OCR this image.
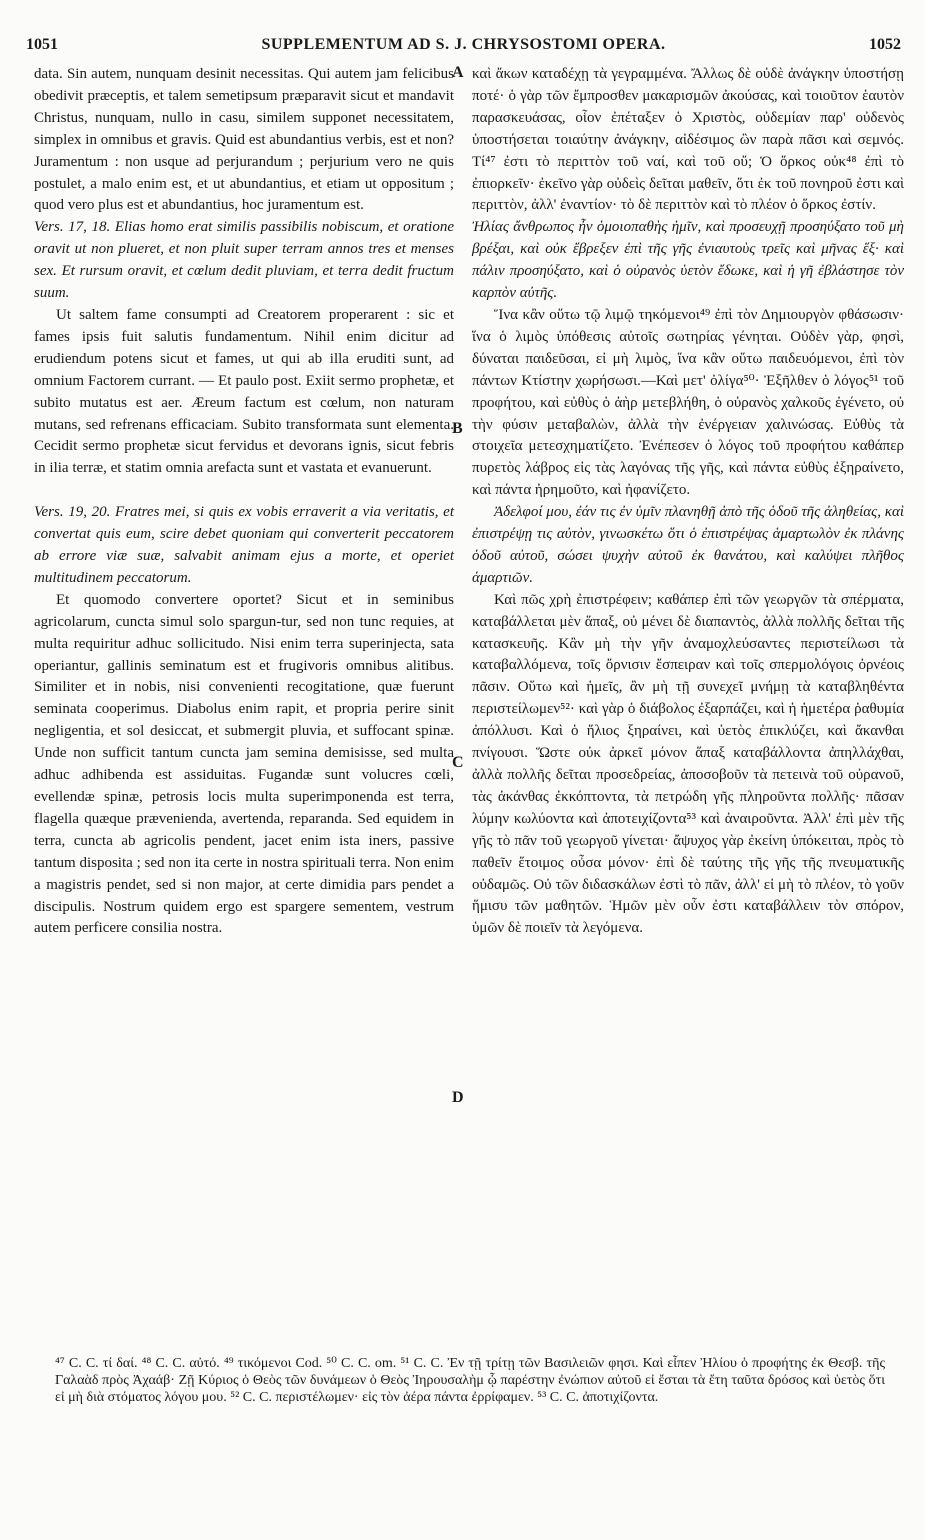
1051	SUPPLEMENTUM AD S. J. CHRYSOSTOMI OPERA.	1052

data. Sin autem, nunquam desinit necessitas. Qui autem jam felicibus obedivit præceptis, et talem semetipsum præparavit sicut et mandavit Christus, nunquam, nullo in casu, similem supponet necessitatem, simplex in omnibus et gravis. Quid est abundantius verbis, est et non? Juramentum : non usque ad perjurandum ; perjurium vero ne quis postulet, a malo enim est, et ut abundantius, et etiam ut oppositum ; quod vero plus est et abundantius, hoc juramentum est.

Vers. 17, 18. Elias homo erat similis passibilis nobiscum, et oratione oravit ut non plueret, et non pluit super terram annos tres et menses sex. Et rursum oravit, et cœlum dedit pluviam, et terra dedit fructum suum.

Ut saltem fame consumpti ad Creatorem properarent : sic et fames ipsis fuit salutis fundamentum. Nihil enim dicitur ad erudiendum potens sicut et fames, ut qui ab illa eruditi sunt, ad omnium Factorem currant. — Et paulo post. Exiit sermo prophetæ, et subito mutatus est aer. Æreum factum est cœlum, non naturam mutans, sed refrenans efficaciam. Subito transformata sunt elementa. Cecidit sermo prophetæ sicut fervidus et devorans ignis, sicut febris in ilia terræ, et statim omnia arefacta sunt et vastata et evanuerunt.

Vers. 19, 20. Fratres mei, si quis ex vobis erraverit a via veritatis, et convertat quis eum, scire debet quoniam qui converterit peccatorem ab errore viæ suæ, salvabit animam ejus a morte, et operiet multitudinem peccatorum.

Et quomodo convertere oportet? Sicut et in seminibus agricolarum, cuncta simul solo spargun-tur, sed non tunc requies, at multa requiritur adhuc sollicitudo. Nisi enim terra superinjecta, sata operiantur, gallinis seminatum est et frugivoris omnibus alitibus. Similiter et in nobis, nisi convenienti recogitatione, quæ fuerunt seminata cooperimus. Diabolus enim rapit, et propria perire sinit negligentia, et sol desiccat, et submergit pluvia, et suffocant spinæ. Unde non sufficit tantum cuncta jam semina demisisse, sed multa adhuc adhibenda est assiduitas. Fugandæ sunt volucres cœli, evellendæ spinæ, petrosis locis multa superimponenda est terra, flagella quæque prævenienda, avertenda, reparanda. Sed equidem in terra, cuncta ab agricolis pendent, jacet enim ista iners, passive tantum disposita ; sed non ita certe in nostra spirituali terra. Non enim a magistris pendet, sed si non major, at certe dimidia pars pendet a discipulis. Nostrum quidem ergo est spargere sementem, vestrum autem perficere consilia nostra.

A
B
C
D

καὶ ἄκων καταδέχῃ τὰ γεγραμμένα. Ἄλλως δὲ οὐδὲ ἀνάγκην ὑποστήσῃ ποτέ· ὁ γὰρ τῶν ἔμπροσθεν μακαρισμῶν ἀκούσας, καὶ τοιοῦτον ἑαυτὸν παρασκευάσας, οἷον ἐπέταξεν ὁ Χριστὸς, οὐδεμίαν παρ' οὐδενὸς ὑποστήσεται τοιαύτην ἀνάγκην, αἰδέσιμος ὢν παρὰ πᾶσι καὶ σεμνός. Τί⁴⁷ ἐστι τὸ περιττὸν τοῦ ναί, καὶ τοῦ οὔ; Ὁ ὅρκος οὐκ⁴⁸ ἐπὶ τὸ ἐπιορκεῖν· ἐκεῖνο γὰρ οὐδεὶς δεῖται μαθεῖν, ὅτι ἐκ τοῦ πονηροῦ ἐστι καὶ περιττὸν, ἀλλ' ἐναντίον· τὸ δὲ περιττὸν καὶ τὸ πλέον ὁ ὅρκος ἐστίν.

Ἠλίας ἄνθρωπος ἦν ὁμοιοπαθὴς ἡμῖν, καὶ προσευχῇ προσηύξατο τοῦ μὴ βρέξαι, καὶ οὐκ ἔβρεξεν ἐπὶ τῆς γῆς ἐνιαυτοὺς τρεῖς καὶ μῆνας ἕξ· καὶ πάλιν προσηύξατο, καὶ ὁ οὐρανὸς ὑετὸν ἔδωκε, καὶ ἡ γῆ ἐβλάστησε τὸν καρπὸν αὐτῆς.

Ἵνα κἂν οὕτω τῷ λιμῷ τηκόμενοι⁴⁹ ἐπὶ τὸν Δημιουργὸν φθάσωσιν· ἵνα ὁ λιμὸς ὑπόθεσις αὐτοῖς σωτηρίας γένηται. Οὐδὲν γὰρ, φησὶ, δύναται παιδεῦσαι, εἰ μὴ λιμὸς, ἵνα κἂν οὕτω παιδευόμενοι, ἐπὶ τὸν πάντων Κτίστην χωρήσωσι.—Καὶ μετ' ὀλίγα⁵⁰· Ἐξῆλθεν ὁ λόγος⁵¹ τοῦ προφήτου, καὶ εὐθὺς ὁ ἀὴρ μετεβλήθη, ὁ οὐρανὸς χαλκοῦς ἐγένετο, οὐ τὴν φύσιν μεταβαλὼν, ἀλλὰ τὴν ἐνέργειαν χαλινώσας. Εὐθὺς τὰ στοιχεῖα μετεσχηματίζετο. Ἐνέπεσεν ὁ λόγος τοῦ προφήτου καθάπερ πυρετὸς λάβρος εἰς τὰς λαγόνας τῆς γῆς, καὶ πάντα εὐθὺς ἐξηραίνετο, καὶ πάντα ἠρημοῦτο, καὶ ἠφανίζετο.

Ἀδελφοί μου, ἐάν τις ἐν ὑμῖν πλανηθῇ ἀπὸ τῆς ὁδοῦ τῆς ἀληθείας, καὶ ἐπιστρέψῃ τις αὐτὸν, γινωσκέτω ὅτι ὁ ἐπιστρέψας ἁμαρτωλὸν ἐκ πλάνης ὁδοῦ αὐτοῦ, σώσει ψυχὴν αὐτοῦ ἐκ θανάτου, καὶ καλύψει πλῆθος ἁμαρτιῶν.

Καὶ πῶς χρὴ ἐπιστρέφειν; καθάπερ ἐπὶ τῶν γεωργῶν τὰ σπέρματα, καταβάλλεται μὲν ἅπαξ, οὐ μένει δὲ διαπαντὸς, ἀλλὰ πολλῆς δεῖται τῆς κατασκευῆς. Κἂν μὴ τὴν γῆν ἀναμοχλεύσαντες περιστείλωσι τὰ καταβαλλόμενα, τοῖς ὄρνισιν ἔσπειραν καὶ τοῖς σπερμολόγοις ὀρνέοις πᾶσιν. Οὕτω καὶ ἡμεῖς, ἂν μὴ τῇ συνεχεῖ μνήμῃ τὰ καταβληθέντα περιστείλωμεν⁵²· καὶ γὰρ ὁ διάβολος ἐξαρπάζει, καὶ ἡ ἡμετέρα ῥαθυμία ἀπόλλυσι. Καὶ ὁ ἥλιος ξηραίνει, καὶ ὑετὸς ἐπικλύζει, καὶ ἄκανθαι πνίγουσι. Ὥστε οὐκ ἀρκεῖ μόνον ἅπαξ καταβάλλοντα ἀπηλλάχθαι, ἀλλὰ πολλῆς δεῖται προσεδρείας, ἀποσοβοῦν τὰ πετεινὰ τοῦ οὐρανοῦ, τὰς ἀκάνθας ἐκκόπτοντα, τὰ πετρώδη γῆς πληροῦντα πολλῆς· πᾶσαν λύμην κωλύοντα καὶ ἀποτειχίζοντα⁵³ καὶ ἀναιροῦντα. Ἀλλ' ἐπὶ μὲν τῆς γῆς τὸ πᾶν τοῦ γεωργοῦ γίνεται· ἄψυχος γὰρ ἐκείνη ὑπόκειται, πρὸς τὸ παθεῖν ἕτοιμος οὖσα μόνον· ἐπὶ δὲ ταύτης τῆς γῆς τῆς πνευματικῆς οὐδαμῶς. Οὐ τῶν διδασκάλων ἐστὶ τὸ πᾶν, ἀλλ' εἰ μὴ τὸ πλέον, τὸ γοῦν ἥμισυ τῶν μαθητῶν. Ἡμῶν μὲν οὖν ἐστι καταβάλλειν τὸν σπόρον, ὑμῶν δὲ ποιεῖν τὰ λεγόμενα.

⁴⁷ C. C. τί δαί. ⁴⁸ C. C. αὐτό. ⁴⁹ τικόμενοι Cod. ⁵⁰ C. C. om. ⁵¹ C. C. Ἐν τῇ τρίτῃ τῶν Βασιλειῶν φησι. Καὶ εἶπεν Ἠλίου ὁ προφήτης ἐκ Θεσβ. τῆς Γαλαὰδ πρὸς Ἀχαάβ· Ζῇ Κύριος ὁ Θεὸς τῶν δυνάμεων ὁ Θεὸς Ἰηρουσαλὴμ ᾧ παρέστην ἐνώπιον αὐτοῦ εἰ ἔσται τὰ ἔτη ταῦτα δρόσος καὶ ὑετὸς ὅτι εἰ μὴ διὰ στόματος λόγου μου. ⁵² C. C. περιστέλωμεν· εἰς τὸν ἀέρα πάντα ἐρρίφαμεν. ⁵³ C. C. ἀποτιχίζοντα.
